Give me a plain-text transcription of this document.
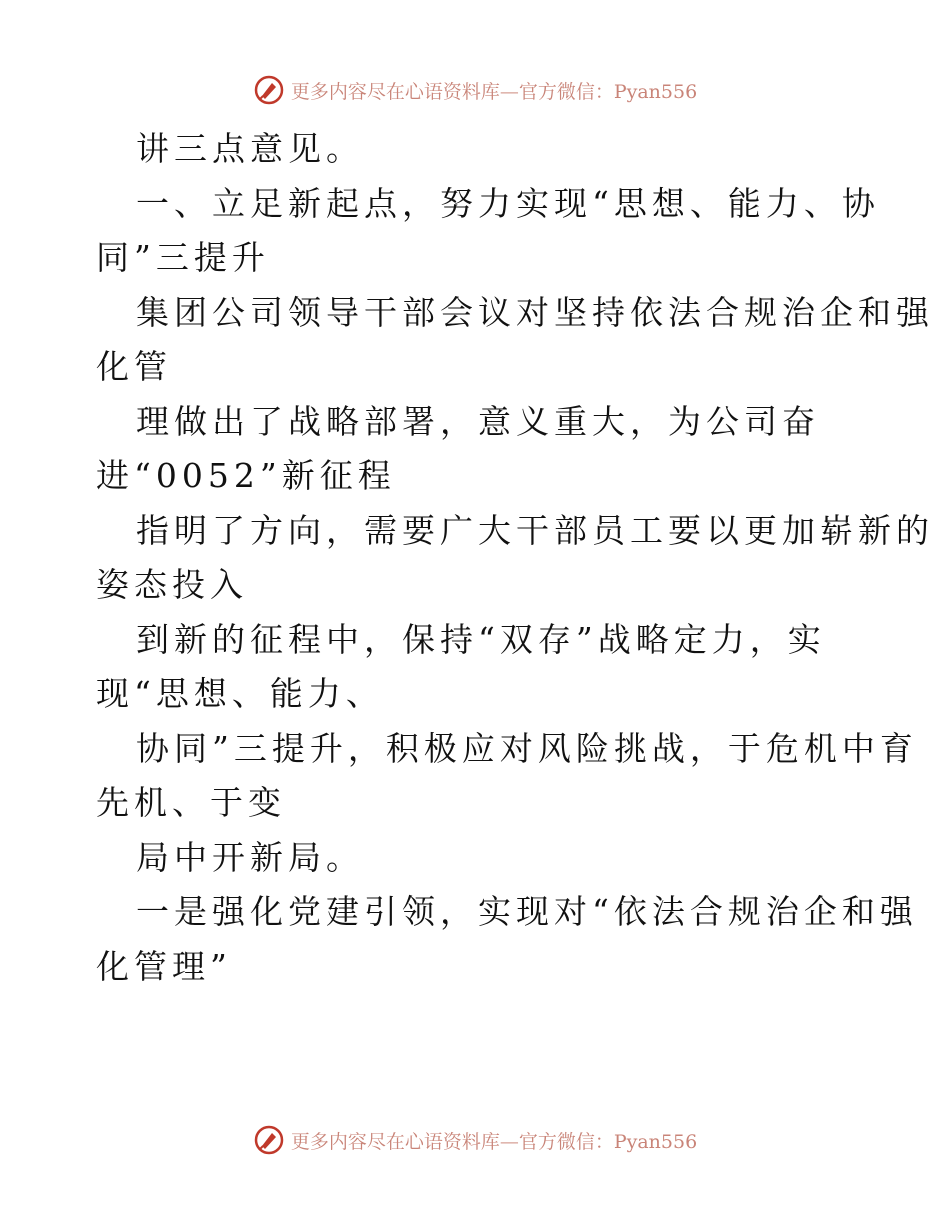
更多内容尽在心语资料库—官方微信：Pyan556
讲三点意见。
一、立足新起点，努力实现“思想、能力、协
同”三提升
集团公司领导干部会议对坚持依法合规治企和强
化管
理做出了战略部署，意义重大，为公司奋
进“0052”新征程
指明了方向，需要广大干部员工要以更加崭新的
姿态投入
到新的征程中，保持“双存”战略定力，实
现“思想、能力、
协同”三提升，积极应对风险挑战，于危机中育
先机、于变
局中开新局。
一是强化党建引领，实现对“依法合规治企和强
化管理”
更多内容尽在心语资料库—官方微信：Pyan556
